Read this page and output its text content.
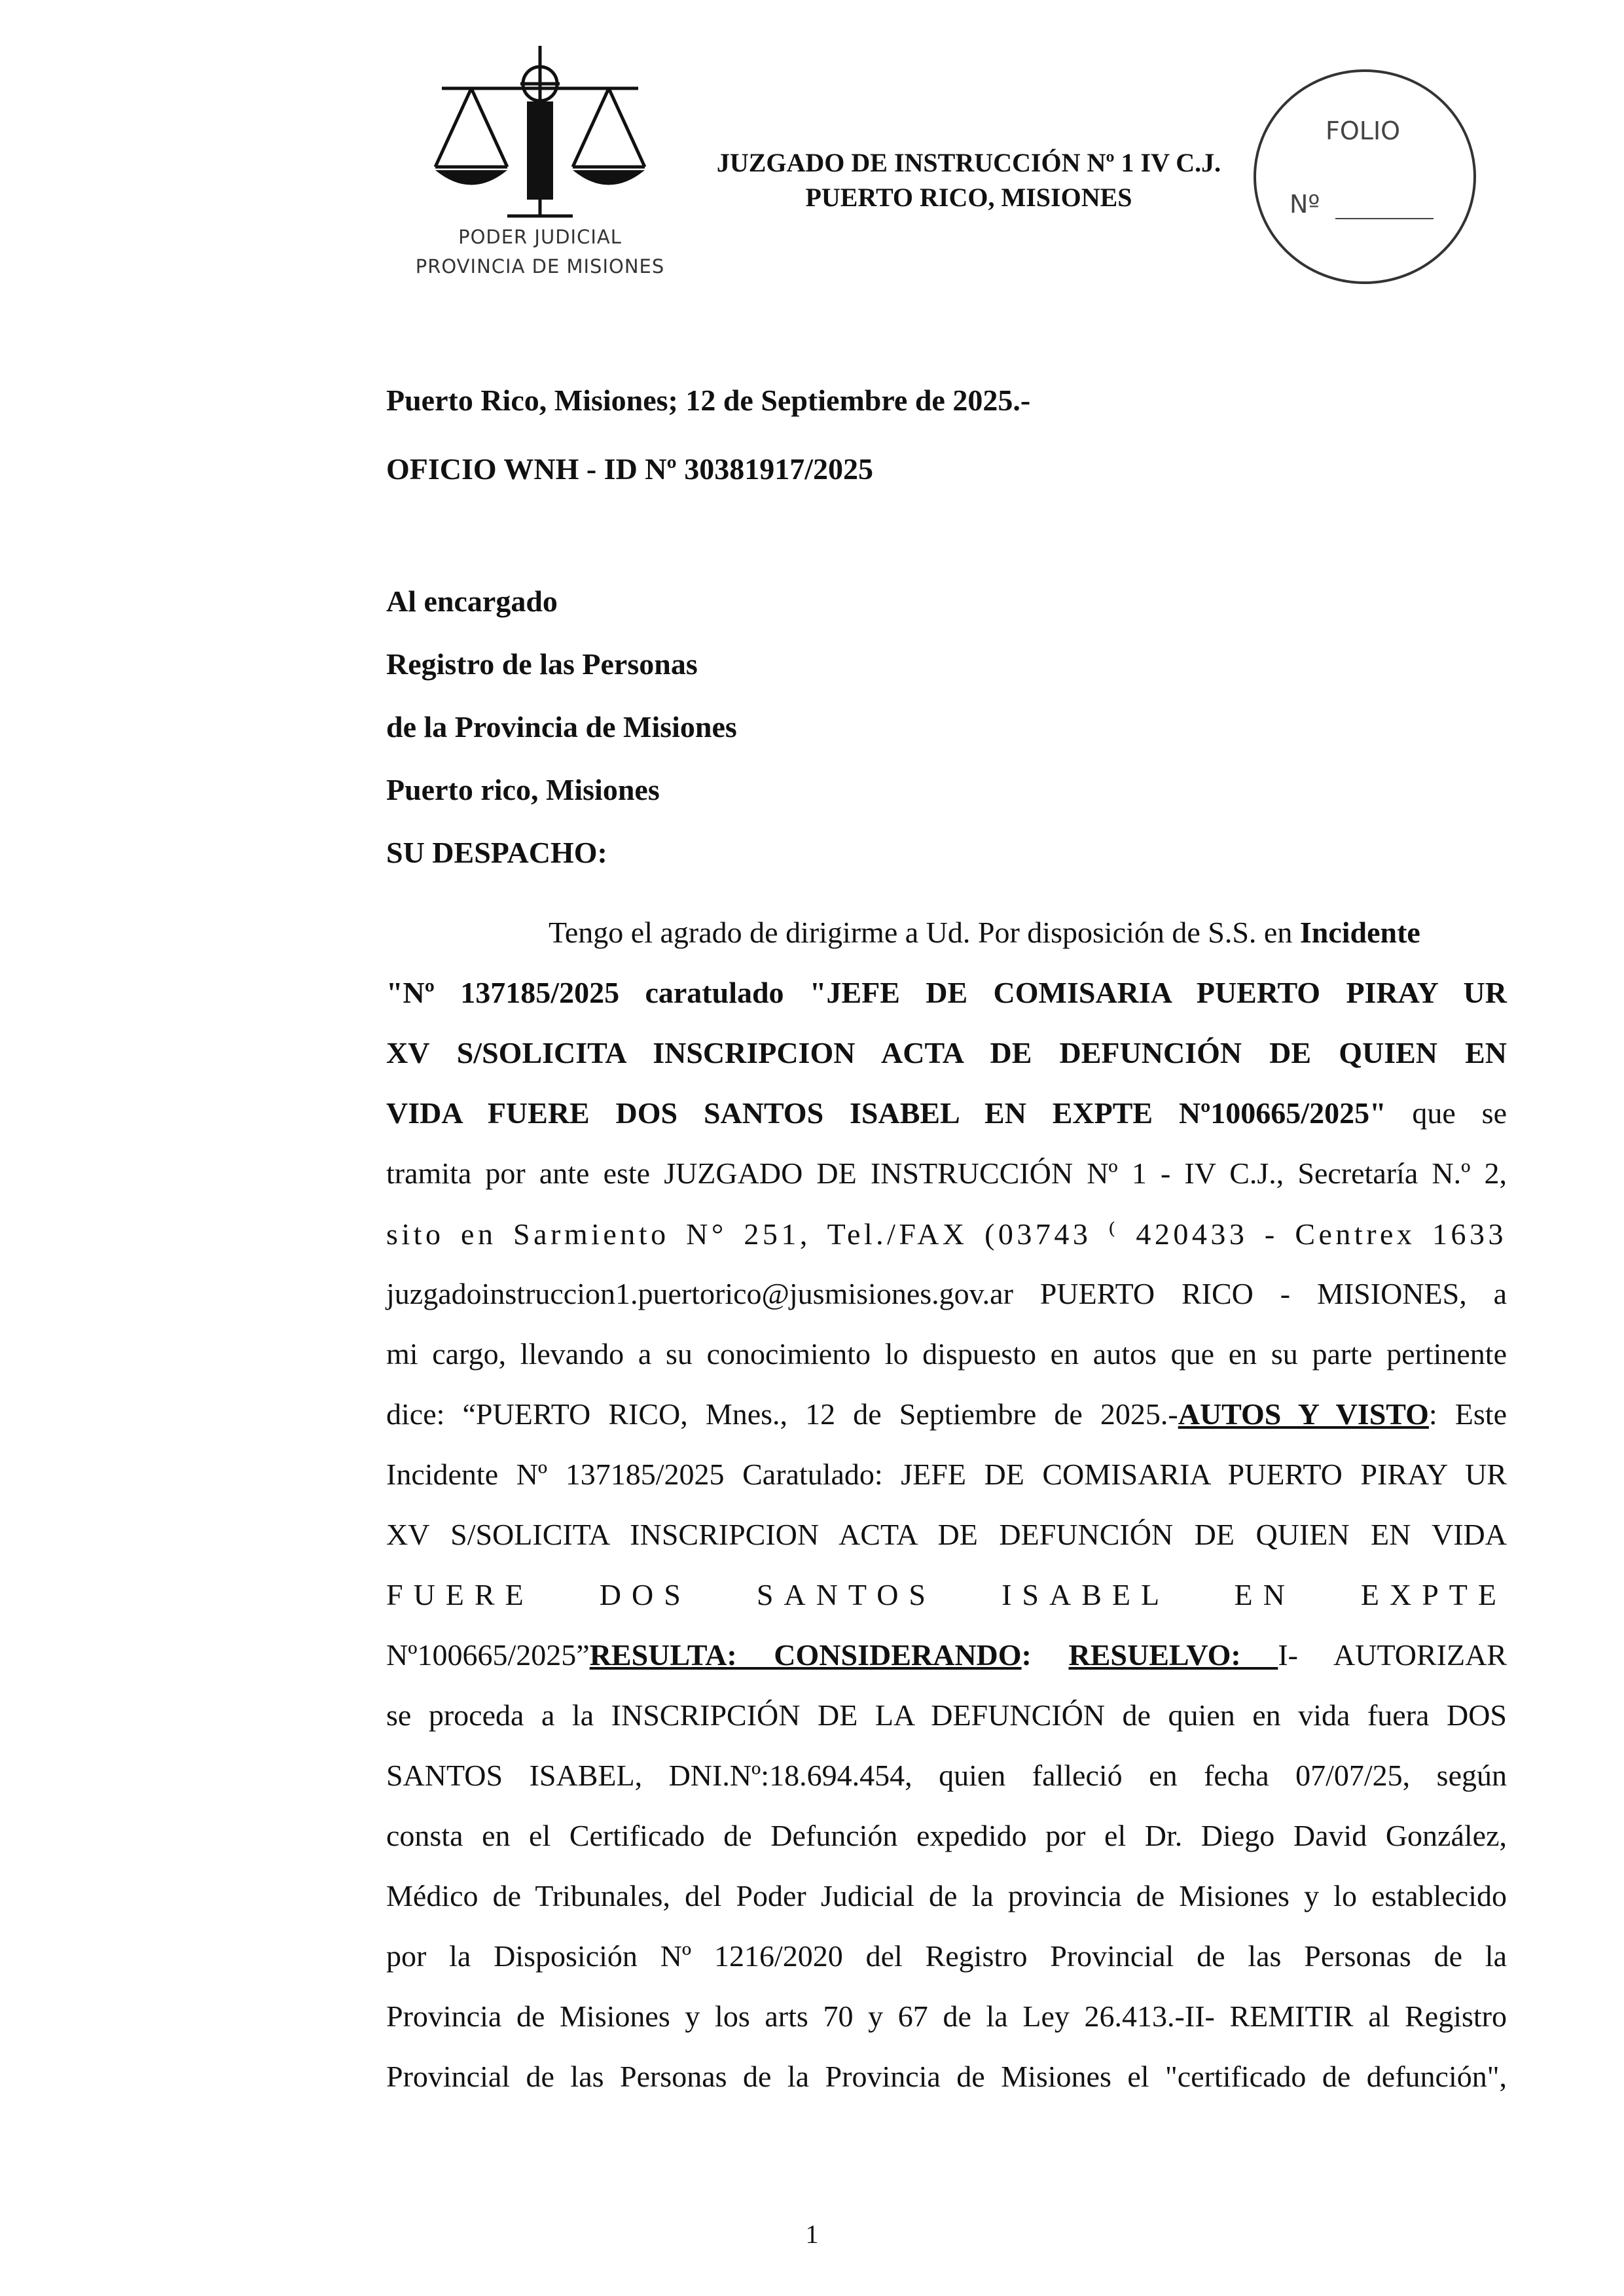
PODER JUDICIAL
PROVINCIA DE MISIONES
JUZGADO DE INSTRUCCIÓN Nº 1 IV C.J.
PUERTO RICO, MISIONES
FOLIO
Nº
Puerto Rico, Misiones; 12 de Septiembre de 2025.-
OFICIO WNH - ID Nº 30381917/2025
Al encargado
Registro de las Personas
de la Provincia de Misiones
Puerto rico, Misiones
SU DESPACHO:
Tengo el agrado de dirigirme a Ud. Por disposición de S.S. en Incidente
"Nº 137185/2025 caratulado "JEFE DE COMISARIA PUERTO PIRAY UR
XV S/SOLICITA INSCRIPCION ACTA DE DEFUNCIÓN DE QUIEN EN
VIDA FUERE DOS SANTOS ISABEL EN EXPTE Nº100665/2025" que se
tramita por ante este JUZGADO DE INSTRUCCIÓN Nº 1 - IV C.J., Secretaría N.º 2,
sito en Sarmiento N° 251, Tel./FAX (03743 ⁽ 420433 - Centrex 1633
juzgadoinstruccion1.puertorico@jusmisiones.gov.ar PUERTO RICO - MISIONES, a
mi cargo, llevando a su conocimiento lo dispuesto en autos que en su parte pertinente
dice: “PUERTO RICO, Mnes., 12 de Septiembre de 2025.-AUTOS Y VISTO: Este
Incidente Nº 137185/2025 Caratulado: JEFE DE COMISARIA PUERTO PIRAY UR
XV S/SOLICITA INSCRIPCION ACTA DE DEFUNCIÓN DE QUIEN EN VIDA
FUERE DOS SANTOS ISABEL EN EXPTE
Nº100665/2025”RESULTA: CONSIDERANDO: RESUELVO: I- AUTORIZAR
se proceda a la INSCRIPCIÓN DE LA DEFUNCIÓN de quien en vida fuera DOS
SANTOS ISABEL, DNI.Nº:18.694.454, quien falleció en fecha 07/07/25, según
consta en el Certificado de Defunción expedido por el Dr. Diego David González,
Médico de Tribunales, del Poder Judicial de la provincia de Misiones y lo establecido
por la Disposición Nº 1216/2020 del Registro Provincial de las Personas de la
Provincia de Misiones y los arts 70 y 67 de la Ley 26.413.-II- REMITIR al Registro
Provincial de las Personas de la Provincia de Misiones el "certificado de defunción",
1
